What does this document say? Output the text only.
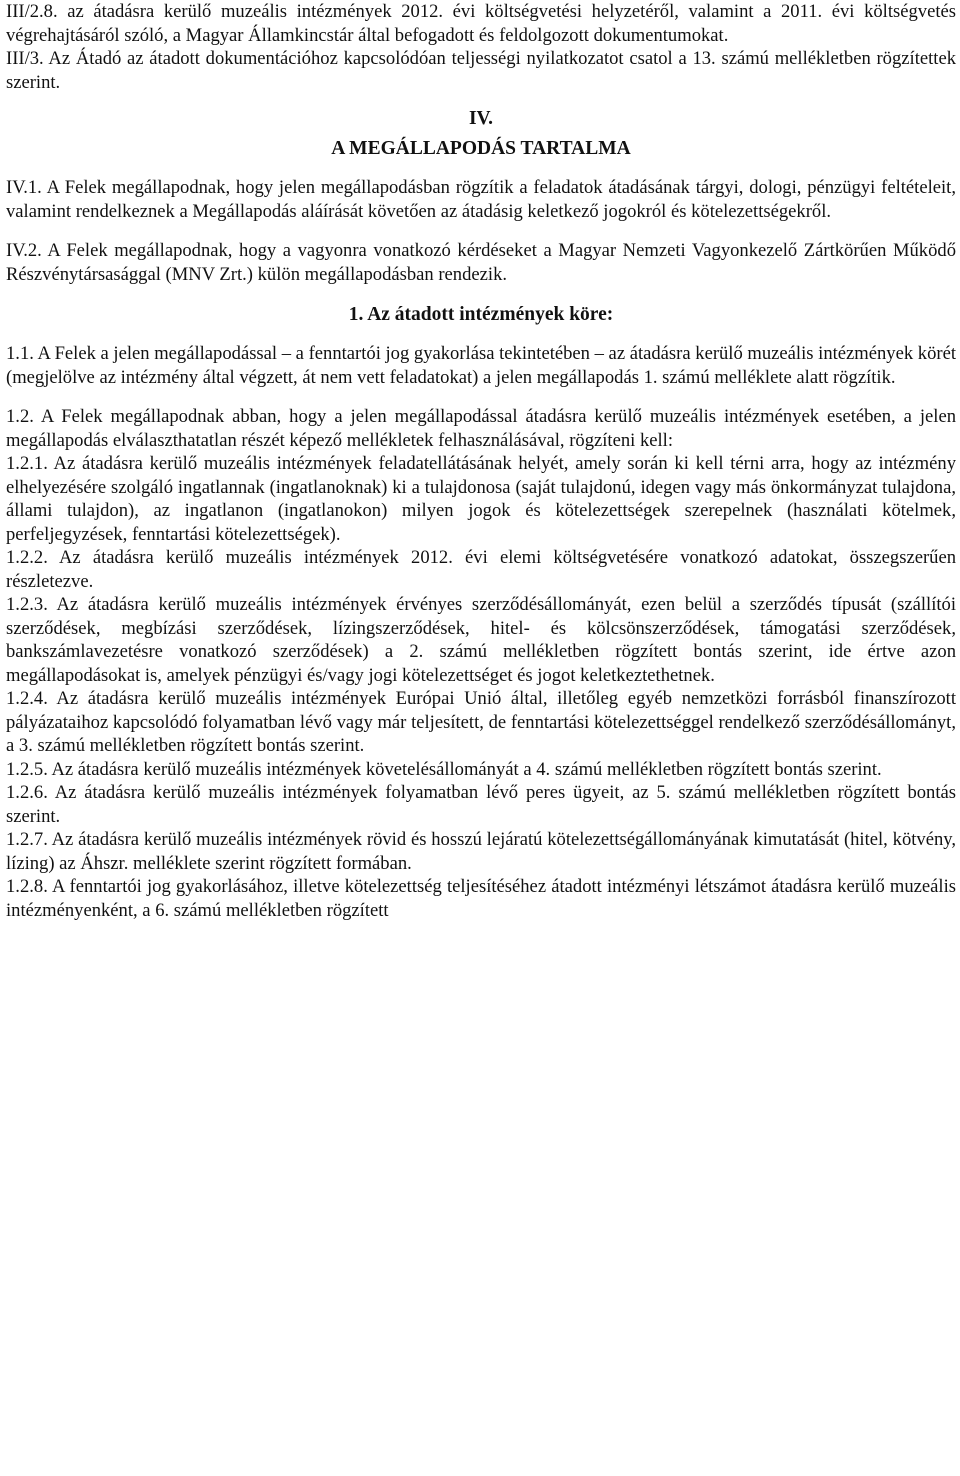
III/2.8. az átadásra kerülő muzeális intézmények 2012. évi költségvetési helyzetéről, valamint a 2011. évi költségvetés végrehajtásáról szóló, a Magyar Államkincstár által befogadott és feldolgozott dokumentumokat.

III/3. Az Átadó az átadott dokumentációhoz kapcsolódóan teljességi nyilatkozatot csatol a 13. számú mellékletben rögzítettek szerint.

IV.
A MEGÁLLAPODÁS TARTALMA

IV.1. A Felek megállapodnak, hogy jelen megállapodásban rögzítik a feladatok átadásának tárgyi, dologi, pénzügyi feltételeit, valamint rendelkeznek a Megállapodás aláírását követően az átadásig keletkező jogokról és kötelezettségekről.

IV.2. A Felek megállapodnak, hogy a vagyonra vonatkozó kérdéseket a Magyar Nemzeti Vagyonkezelő Zártkörűen Működő Részvénytársasággal (MNV Zrt.) külön megállapodásban rendezik.

1. Az átadott intézmények köre:

1.1. A Felek a jelen megállapodással – a fenntartói jog gyakorlása tekintetében – az átadásra kerülő muzeális intézmények körét (megjelölve az intézmény által végzett, át nem vett feladatokat) a jelen megállapodás 1. számú melléklete alatt rögzítik.

1.2. A Felek megállapodnak abban, hogy a jelen megállapodással átadásra kerülő muzeális intézmények esetében, a jelen megállapodás elválaszthatatlan részét képező mellékletek felhasználásával, rögzíteni kell:

1.2.1. Az átadásra kerülő muzeális intézmények feladatellátásának helyét, amely során ki kell térni arra, hogy az intézmény elhelyezésére szolgáló ingatlannak (ingatlanoknak) ki a tulajdonosa (saját tulajdonú, idegen vagy más önkormányzat tulajdona, állami tulajdon), az ingatlanon (ingatlanokon) milyen jogok és kötelezettségek szerepelnek (használati kötelmek, perfeljegyzések, fenntartási kötelezettségek).

1.2.2. Az átadásra kerülő muzeális intézmények 2012. évi elemi költségvetésére vonatkozó adatokat, összegszerűen részletezve.

1.2.3. Az átadásra kerülő muzeális intézmények érvényes szerződésállományát, ezen belül a szerződés típusát (szállítói szerződések, megbízási szerződések, lízingszerződések, hitel- és kölcsönszerződések, támogatási szerződések, bankszámlavezetésre vonatkozó szerződések) a 2. számú mellékletben rögzített bontás szerint, ide értve azon megállapodásokat is, amelyek pénzügyi és/vagy jogi kötelezettséget és jogot keletkeztethetnek.

1.2.4. Az átadásra kerülő muzeális intézmények Európai Unió által, illetőleg egyéb nemzetközi forrásból finanszírozott pályázataihoz kapcsolódó folyamatban lévő vagy már teljesített, de fenntartási kötelezettséggel rendelkező szerződésállományt, a 3. számú mellékletben rögzített bontás szerint.

1.2.5. Az átadásra kerülő muzeális intézmények követelésállományát a 4. számú mellékletben rögzített bontás szerint.

1.2.6. Az átadásra kerülő muzeális intézmények folyamatban lévő peres ügyeit, az 5. számú mellékletben rögzített bontás szerint.

1.2.7. Az átadásra kerülő muzeális intézmények rövid és hosszú lejáratú kötelezettségállományának kimutatását (hitel, kötvény, lízing) az Áhszr. melléklete szerint rögzített formában.

1.2.8. A fenntartói jog gyakorlásához, illetve kötelezettség teljesítéséhez átadott intézményi létszámot átadásra kerülő muzeális intézményenként, a 6. számú mellékletben rögzített
